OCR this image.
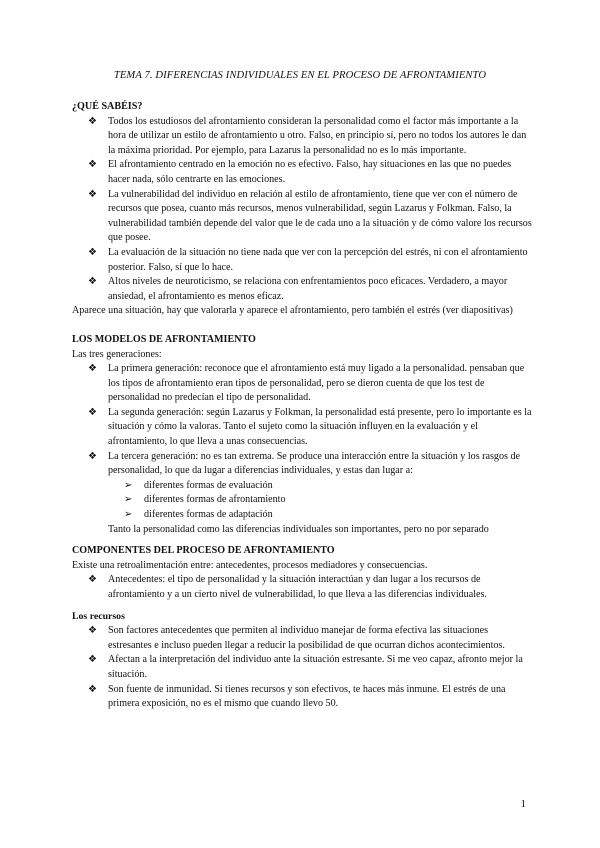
TEMA 7. DIFERENCIAS INDIVIDUALES EN EL PROCESO DE AFRONTAMIENTO

¿QUÉ SABÉIS?

❖ Todos los estudiosos del afrontamiento consideran la personalidad como el factor más importante a la hora de utilizar un estilo de afrontamiento u otro. Falso, en principio sí, pero no todos los autores le dan la máxima prioridad. Por ejemplo, para Lazarus la personalidad no es lo más importante.
❖ El afrontamiento centrado en la emoción no es efectivo. Falso, hay situaciones en las que no puedes hacer nada, sólo centrarte en las emociones.
❖ La vulnerabilidad del individuo en relación al estilo de afrontamiento, tiene que ver con el número de recursos que posea, cuanto más recursos, menos vulnerabilidad, según Lazarus y Folkman. Falso, la vulnerabilidad también depende del valor que le de cada uno a la situación y de cómo valore los recursos que posee.
❖ La evaluación de la situación no tiene nada que ver con la percepción del estrés, ni con el afrontamiento posterior. Falso, sí que lo hace.
❖ Altos niveles de neuroticismo, se relaciona con enfrentamientos poco eficaces. Verdadero, a mayor ansiedad, el afrontamiento es menos eficaz.

Aparece una situación, hay que valorarla y aparece el afrontamiento, pero también el estrés (ver diapositivas)

LOS MODELOS DE AFRONTAMIENTO

Las tres generaciones:

❖ La primera generación: reconoce que el afrontamiento está muy ligado a la personalidad. pensaban que los tipos de afrontamiento eran tipos de personalidad, pero se dieron cuenta de que los test de personalidad no predecían el tipo de personalidad.
❖ La segunda generación: según Lazarus y Folkman, la personalidad está presente, pero lo importante es la situación y cómo la valoras. Tanto el sujeto como la situación influyen en la evaluación y el afrontamiento, lo que lleva a unas consecuencias.
❖ La tercera generación: no es tan extrema. Se produce una interacción entre la situación y los rasgos de personalidad, lo que da lugar a diferencias individuales, y estas dan lugar a:
➢ diferentes formas de evaluación
➢ diferentes formas de afrontamiento
➢ diferentes formas de adaptación

Tanto la personalidad como las diferencias individuales son importantes, pero no por separado

COMPONENTES DEL PROCESO DE AFRONTAMIENTO

Existe una retroalimentación entre: antecedentes, procesos mediadores y consecuencias.

❖ Antecedentes: el tipo de personalidad y la situación interactúan y dan lugar a los recursos de afrontamiento y a un cierto nivel de vulnerabilidad, lo que lleva a las diferencias individuales.

Los recursos

❖ Son factores antecedentes que permiten al individuo manejar de forma efectiva las situaciones estresantes e incluso pueden llegar a reducir la posibilidad de que ocurran dichos acontecimientos.
❖ Afectan a la interpretación del individuo ante la situación estresante. Si me veo capaz, afronto mejor la situación.
❖ Son fuente de inmunidad. Si tienes recursos y son efectivos, te haces más inmune. El estrés de una primera exposición, no es el mismo que cuando llevo 50.
1
